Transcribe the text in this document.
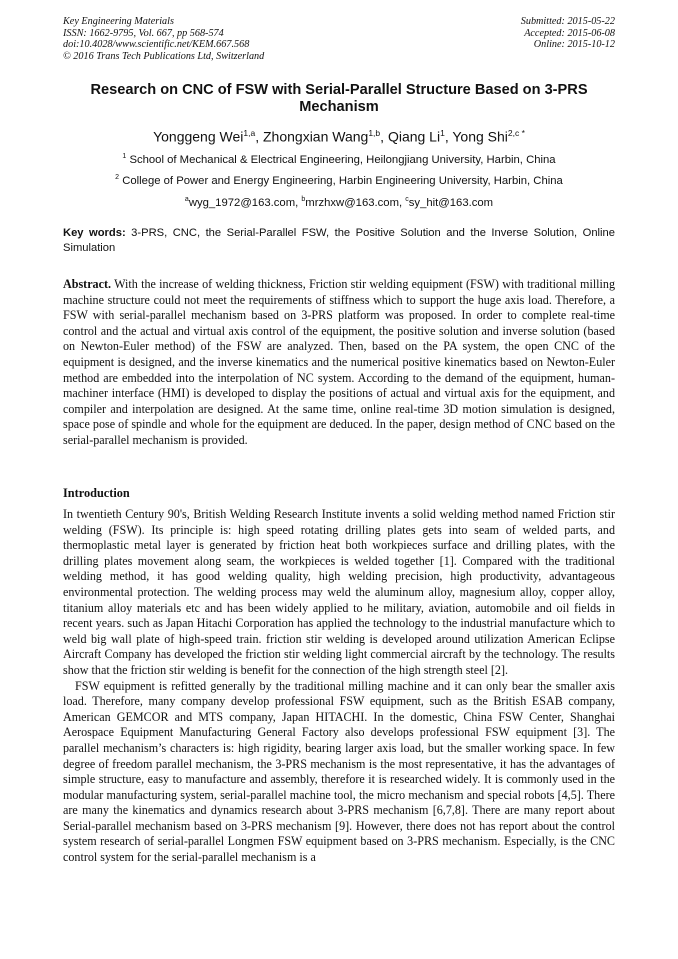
Key Engineering Materials
ISSN: 1662-9795, Vol. 667, pp 568-574
doi:10.4028/www.scientific.net/KEM.667.568
© 2016 Trans Tech Publications Ltd, Switzerland
Submitted: 2015-05-22
Accepted: 2015-06-08
Online: 2015-10-12
Research on CNC of FSW with Serial-Parallel Structure Based on 3-PRS Mechanism
Yonggeng Wei$^{1,a}$, Zhongxian Wang$^{1,b}$, Qiang Li$^1$, Yong Shi$^{2,c *}$
$^1$ School of Mechanical & Electrical Engineering, Heilongjiang University, Harbin, China
$^2$ College of Power and Energy Engineering, Harbin Engineering University, Harbin, China
$^a$wyg_1972@163.com, $^b$mrzhxw@163.com, $^c$sy_hit@163.com
Key words: 3-PRS, CNC, the Serial-Parallel FSW, the Positive Solution and the Inverse Solution, Online Simulation
Abstract. With the increase of welding thickness, Friction stir welding equipment (FSW) with traditional milling machine structure could not meet the requirements of stiffness which to support the huge axis load. Therefore, a FSW with serial-parallel mechanism based on 3-PRS platform was proposed. In order to complete real-time control and the actual and virtual axis control of the equipment, the positive solution and inverse solution (based on Newton-Euler method) of the FSW are analyzed. Then, based on the PA system, the open CNC of the equipment is designed, and the inverse kinematics and the numerical positive kinematics based on Newton-Euler method are embedded into the interpolation of NC system. According to the demand of the equipment, human-machiner interface (HMI) is developed to display the positions of actual and virtual axis for the equipment, and compiler and interpolation are designed. At the same time, online real-time 3D motion simulation is designed, space pose of spindle and whole for the equipment are deduced. In the paper, design method of CNC based on the serial-parallel mechanism is provided.
Introduction

In twentieth Century 90's, British Welding Research Institute invents a solid welding method named Friction stir welding (FSW). Its principle is: high speed rotating drilling plates gets into seam of welded parts, and thermoplastic metal layer is generated by friction heat both workpieces surface and drilling plates, with the drilling plates movement along seam, the workpieces is welded together [1]. Compared with the traditional welding method, it has good welding quality, high welding precision, high productivity, advantageous environmental protection. The welding process may weld the aluminum alloy, magnesium alloy, copper alloy, titanium alloy materials etc and has been widely applied to he military, aviation, automobile and oil fields in recent years. such as Japan Hitachi Corporation has applied the technology to the industrial manufacture which to weld big wall plate of high-speed train. friction stir welding is developed around utilization American Eclipse Aircraft Company has developed the friction stir welding light commercial aircraft by the technology. The results show that the friction stir welding is benefit for the connection of the high strength steel [2].

FSW equipment is refitted generally by the traditional milling machine and it can only bear the smaller axis load. Therefore, many company develop professional FSW equipment, such as the British ESAB company, American GEMCOR and MTS company, Japan HITACHI. In the domestic, China FSW Center, Shanghai Aerospace Equipment Manufacturing General Factory also develops professional FSW equipment [3]. The parallel mechanism’s characters is: high rigidity, bearing larger axis load, but the smaller working space. In few degree of freedom parallel mechanism, the 3-PRS mechanism is the most representative, it has the advantages of simple structure, easy to manufacture and assembly, therefore it is researched widely. It is commonly used in the modular manufacturing system, serial-parallel machine tool, the micro mechanism and special robots [4,5]. There are many the kinematics and dynamics research about 3-PRS mechanism [6,7,8]. There are many report about Serial-parallel mechanism based on 3-PRS mechanism [9]. However, there does not has report about the control system research of serial-parallel Longmen FSW equipment based on 3-PRS mechanism. Especially, is the CNC control system for the serial-parallel mechanism is a
